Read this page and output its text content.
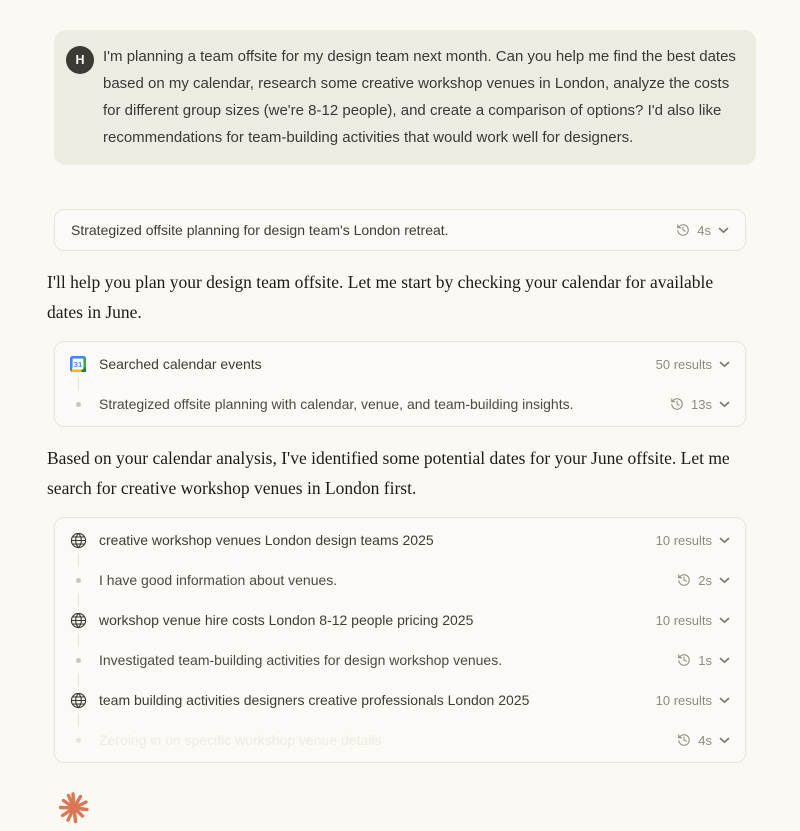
H	I'm planning a team offsite for my design team next month. Can you help me find the best dates based on my calendar, research some creative workshop venues in London, analyze the costs for different group sizes (we're 8-12 people), and create a comparison of options? I'd also like recommendations for team-building activities that would work well for designers.
Strategized offsite planning for design team's London retreat.	4s

I'll help you plan your design team offsite. Let me start by checking your calendar for available dates in June.

31 Searched calendar events	50 results
Strategized offsite planning with calendar, venue, and team-building insights.	13s

Based on your calendar analysis, I've identified some potential dates for your June offsite. Let me search for creative workshop venues in London first.

creative workshop venues London design teams 2025	10 results
I have good information about venues.	2s
workshop venue hire costs London 8-12 people pricing 2025	10 results
Investigated team-building activities for design workshop venues.	1s
team building activities designers creative professionals London 2025	10 results
Zeroing in on specific workshop venue details	4s
